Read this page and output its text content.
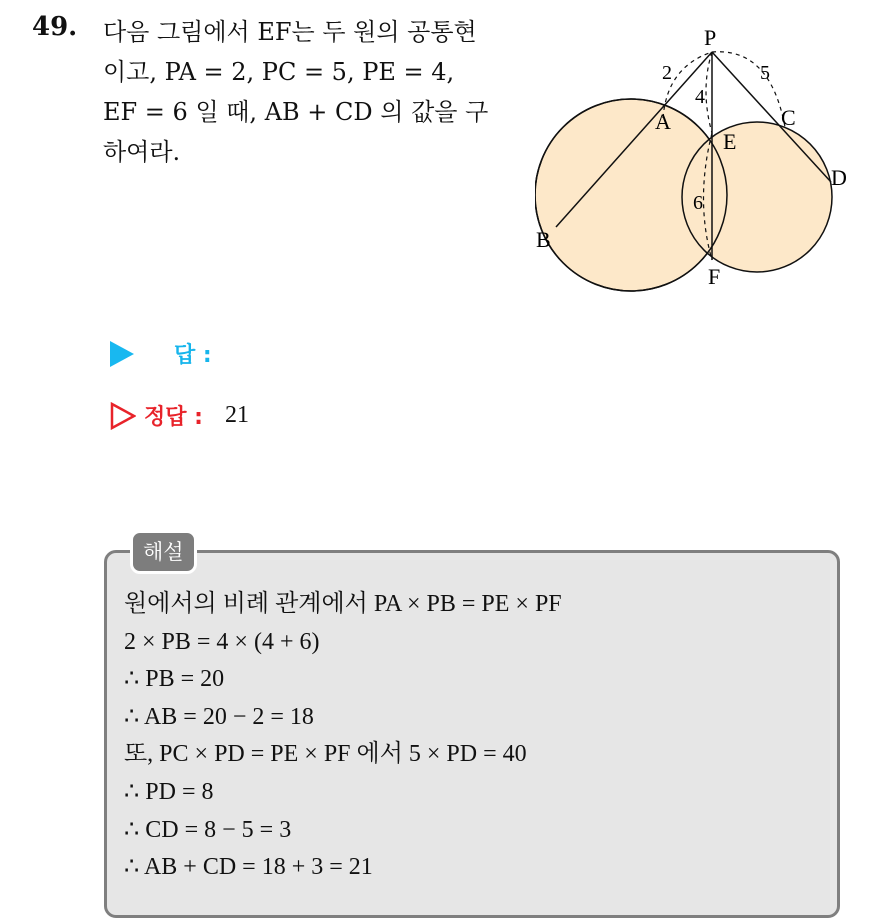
49. 다음 그림에서 EF는 두 원의 공통현
이고, PA = 2, PC = 5, PE = 4,
EF = 6 일 때, AB + CD 의 값을 구
하여라.
P
A
B
C
D
E
F
2
4
5
6
답 :
정답 : 21
해설
원에서의 비례 관계에서 PA × PB = PE × PF
2 × PB = 4 × (4 + 6)
∴ PB = 20
∴ AB = 20 − 2 = 18
또, PC × PD = PE × PF 에서 5 × PD = 40
∴ PD = 8
∴ CD = 8 − 5 = 3
∴ AB + CD = 18 + 3 = 21
